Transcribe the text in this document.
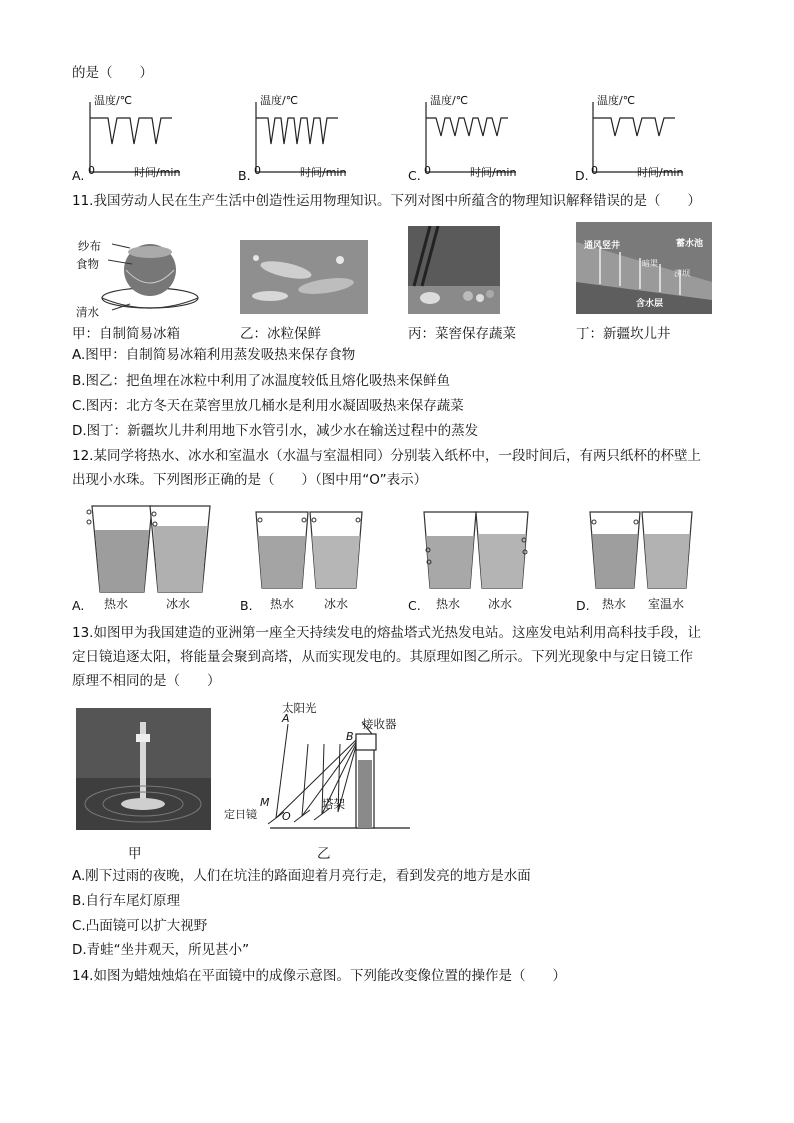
的是（　　）
温度/℃
时间/min
0
A.
温度/℃
时间/min
0
B.
温度/℃
时间/min
0
C.
温度/℃
时间/min
0
D.
11.我国劳动人民在生产生活中创造性运用物理知识。下列对图中所蕴含的物理知识解释错误的是（　　）
纱布
食物
清水
通风竖井	蓄水池
暗渠
涝坝
含水层
甲：自制简易冰箱	乙：冰粒保鲜	丙：菜窖保存蔬菜	丁：新疆坎儿井
A.图甲：自制简易冰箱利用蒸发吸热来保存食物
B.图乙：把鱼埋在冰粒中利用了冰温度较低且熔化吸热来保鲜鱼
C.图丙：北方冬天在菜窖里放几桶水是利用水凝固吸热来保存蔬菜
D.图丁：新疆坎儿井利用地下水管引水，减少水在输送过程中的蒸发
12.某同学将热水、冰水和室温水（水温与室温相同）分别装入纸杯中，一段时间后，有两只纸杯的杯壁上
出现小水珠。下列图形正确的是（　　）（图中用“O”表示）
A. 热水	冰水	B. 热水 冰水	C. 热水 冰水	D. 热水 室温水
13.如图甲为我国建造的亚洲第一座全天持续发电的熔盐塔式光热发电站。这座发电站利用高科技手段，让
定日镜追逐太阳，将能量会聚到高塔，从而实现发电的。其原理如图乙所示。下列光现象中与定日镜工作
原理不相同的是（　　）
太阳光
A	接收器
B
塔架
定日镜
M
O
甲	乙
A.刚下过雨的夜晚，人们在坑洼的路面迎着月亮行走，看到发亮的地方是水面
B.自行车尾灯原理
C.凸面镜可以扩大视野
D.青蛙“坐井观天，所见甚小”
14.如图为蜡烛烛焰在平面镜中的成像示意图。下列能改变像位置的操作是（　　）
